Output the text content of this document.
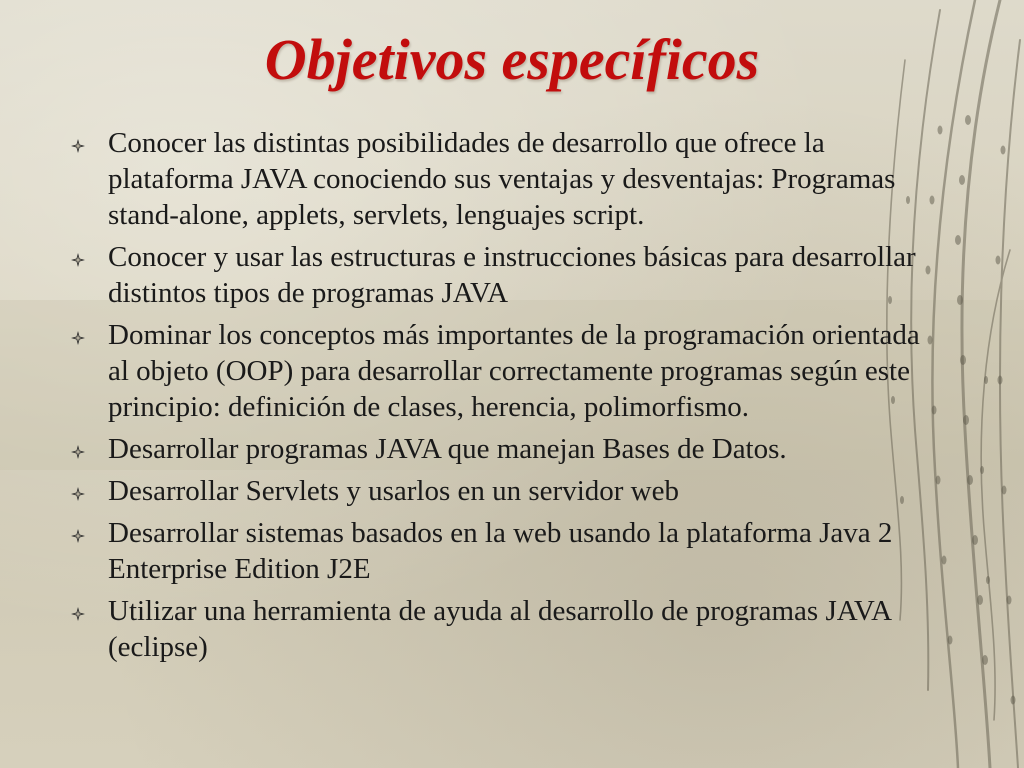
Objetivos específicos
Conocer las distintas posibilidades de desarrollo que ofrece la plataforma JAVA conociendo sus ventajas y desventajas: Programas stand-alone, applets, servlets, lenguajes script.
Conocer y usar las estructuras e instrucciones básicas para desarrollar distintos tipos de programas JAVA
Dominar los conceptos más importantes de la programación orientada al objeto (OOP) para desarrollar correctamente programas según este principio: definición de clases, herencia, polimorfismo.
Desarrollar programas JAVA que manejan Bases de Datos.
Desarrollar Servlets y usarlos en un servidor web
Desarrollar sistemas basados en la web usando la plataforma Java 2 Enterprise Edition J2E
Utilizar una herramienta de ayuda al desarrollo de programas JAVA (eclipse)
